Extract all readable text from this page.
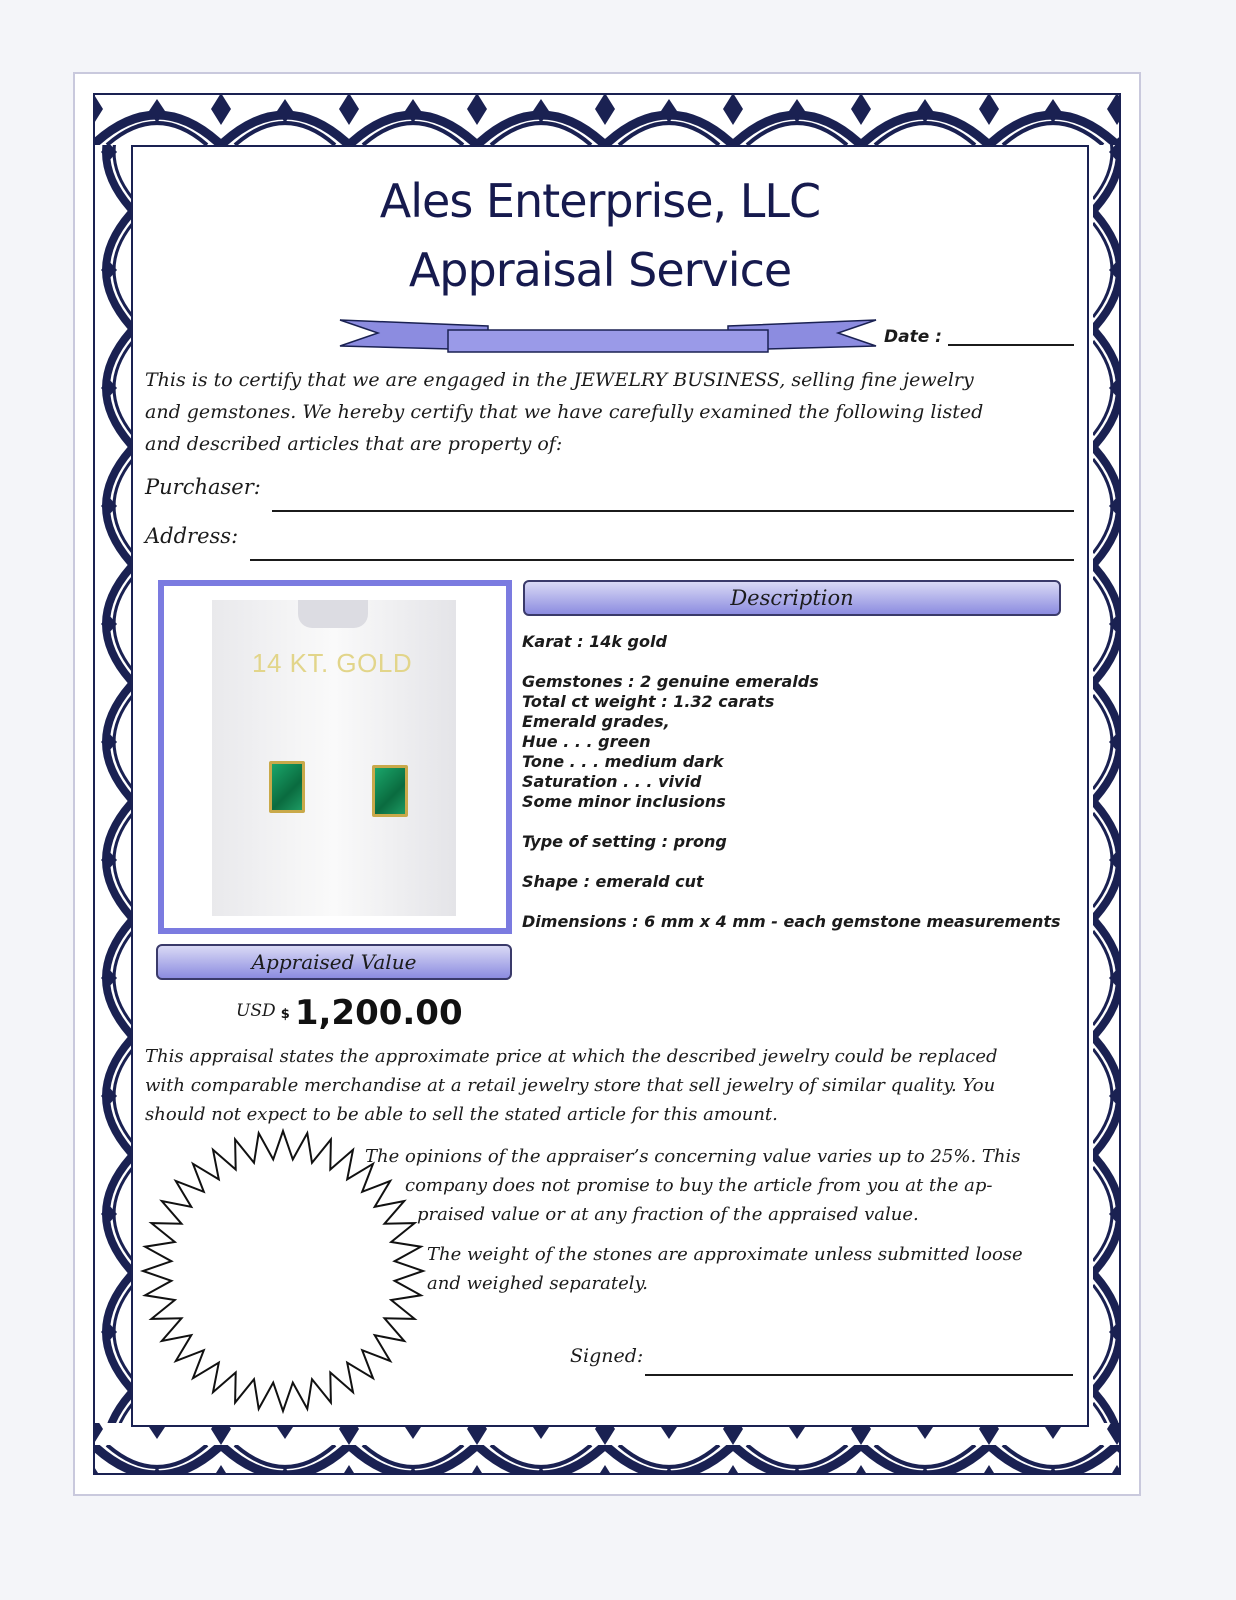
Ales Enterprise, LLC
Appraisal Service
Date :
This is to certify that we are engaged in the JEWELRY BUSINESS, selling fine jewelry
and gemstones. We hereby certify that we have carefully examined the following listed
and described articles that are property of:
Purchaser:
Address:
14 KT. GOLD
Description
Karat : 14k gold
Gemstones : 2 genuine emeralds
Total ct weight : 1.32 carats
Emerald grades,
Hue . . . green
Tone . . . medium dark
Saturation . . . vivid
Some minor inclusions
Type of setting : prong
Shape : emerald cut
Dimensions : 6 mm x 4 mm - each gemstone measurements
Appraised Value
USD $ 1,200.00
This appraisal states the approximate price at which the described jewelry could be replaced
with comparable merchandise at a retail jewelry store that sell jewelry of similar quality. You
should not expect to be able to sell the stated article for this amount.
The opinions of the appraiser’s concerning value varies up to 25%. This
company does not promise to buy the article from you at the ap-
praised value or at any fraction of the appraised value.
The weight of the stones are approximate unless submitted loose
and weighed separately.
Signed:
